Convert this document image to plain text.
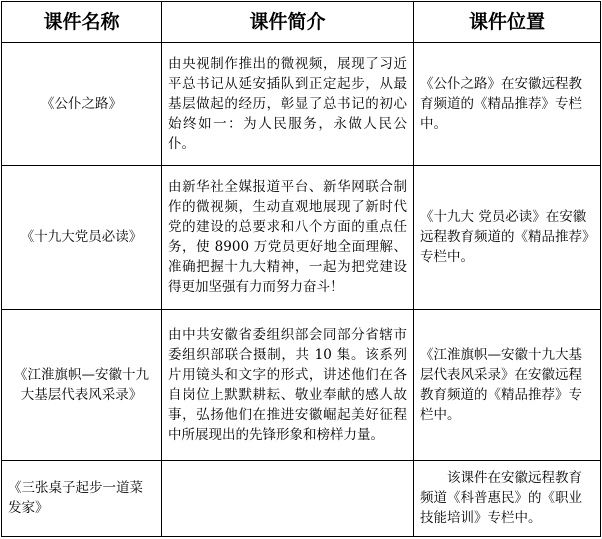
课件名称	课件简介	课件位置
《公仆之路》	由央视制作推出的微视频，展现了习近平总书记从延安插队到正定起步，从最基层做起的经历，彰显了总书记的初心始终如一：为人民服务，永做人民公仆。	《公仆之路》在安徽远程教育频道的《精品推荐》专栏中。
《十九大党员必读》	由新华社全媒报道平台、新华网联合制作的微视频，生动直观地展现了新时代党的建设的总要求和八个方面的重点任务，使 8900 万党员更好地全面理解、准确把握十九大精神，一起为把党建设得更加坚强有力而努力奋斗！	《十九大 党员必读》在安徽远程教育频道的《精品推荐》专栏中。
《江淮旗帜—安徽十九大基层代表风采录》	由中共安徽省委组织部会同部分省辖市委组织部联合摄制，共 10 集。该系列片用镜头和文字的形式，讲述他们在各自岗位上默默耕耘、敬业奉献的感人故事，弘扬他们在推进安徽崛起美好征程中所展现出的先锋形象和榜样力量。	《江淮旗帜—安徽十九大基层代表风采录》在安徽远程教育频道的《精品推荐》专栏中。
《三张桌子起步一道菜发家》		该课件在安徽远程教育频道《科普惠民》的《职业技能培训》专栏中。
